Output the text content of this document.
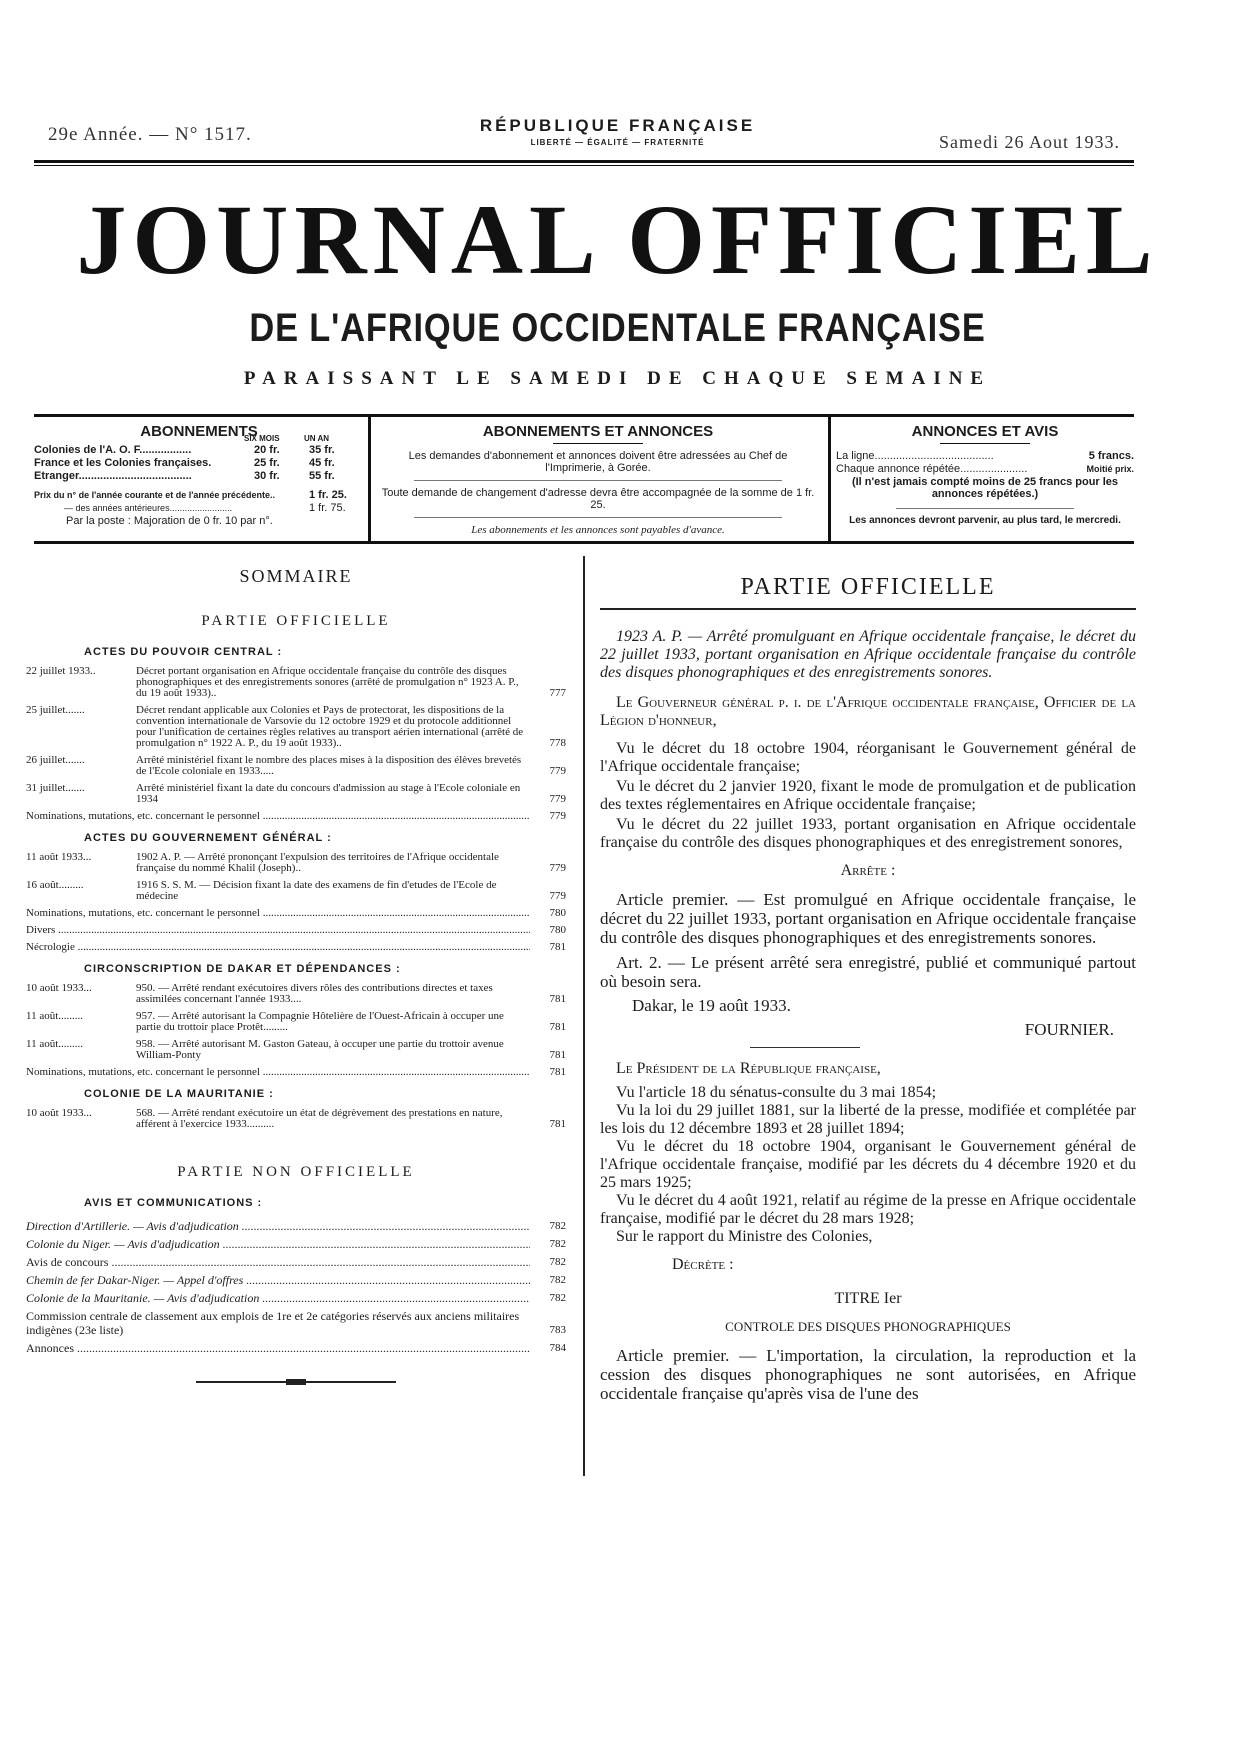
29e Année. — N° 1517.	RÉPUBLIQUE FRANÇAISE
LIBERTÉ — ÉGALITÉ — FRATERNITÉ	Samedi 26 Aout 1933.
JOURNAL OFFICIEL
DE L'AFRIQUE OCCIDENTALE FRANÇAISE
PARAISSANT LE SAMEDI DE CHAQUE SEMAINE
ABONNEMENTS
SIX MOIS	UN AN
Colonies de l'A. O. F.................	20 fr.	35 fr.
France et les Colonies françaises.	25 fr.	45 fr.
Etranger.....................................	30 fr.	55 fr.
Prix du n° de l'année courante et de l'année précédente..	1 fr. 25.
— des années antérieures.........................	1 fr. 75.
Par la poste : Majoration de 0 fr. 10 par n°.
ABONNEMENTS ET ANNONCES
Les demandes d'abonnement et annonces doivent être adressées au Chef de l'Imprimerie, à Gorée.
Toute demande de changement d'adresse devra être accompagnée de la somme de 1 fr. 25.
Les abonnements et les annonces sont payables d'avance.
ANNONCES ET AVIS
La ligne.......................................	5 francs.
Chaque annonce répétée......................	Moitié prix.
(Il n'est jamais compté moins de 25 francs pour les annonces répétées.)
Les annonces devront parvenir, au plus tard, le mercredi.
SOMMAIRE
PARTIE OFFICIELLE
ACTES DU POUVOIR CENTRAL :
22 juillet 1933..	Décret portant organisation en Afrique occidentale française du contrôle des disques phonographiques et des enregistrements sonores (arrêté de promulgation n° 1923 A. P., du 19 août 1933)..	777
25 juillet.......	Décret rendant applicable aux Colonies et Pays de protectorat, les dispositions de la convention internationale de Varsovie du 12 octobre 1929 et du protocole additionnel pour l'unification de certaines règles relatives au transport aérien international (arrêté de promulgation n° 1922 A. P., du 19 août 1933)..	778
26 juillet.......	Arrêté ministériel fixant le nombre des places mises à la disposition des élèves brevetés de l'Ecole coloniale en 1933.....	779
31 juillet.......	Arrêté ministériel fixant la date du concours d'admission au stage à l'Ecole coloniale en 1934	779
Nominations, mutations, etc. concernant le personnel .....	779
ACTES DU GOUVERNEMENT GÉNÉRAL :
11 août 1933...	1902 A. P. — Arrêté prononçant l'expulsion des territoires de l'Afrique occidentale française du nommé Khalil (Joseph)..	779
16 août.........	1916 S. S. M. — Décision fixant la date des examens de fin d'etudes de l'Ecole de médecine	779
Nominations, mutations, etc. concernant le personnel .....	780
Divers .....	780
Nécrologie .....	781
CIRCONSCRIPTION DE DAKAR ET DÉPENDANCES :
10 août 1933...	950. — Arrêté rendant exécutoires divers rôles des contributions directes et taxes assimilées concernant l'année 1933....	781
11 août.........	957. — Arrêté autorisant la Compagnie Hôtelière de l'Ouest-Africain à occuper une partie du trottoir place Protêt.........	781
11 août.........	958. — Arrêté autorisant M. Gaston Gateau, à occuper une partie du trottoir avenue William-Ponty	781
Nominations, mutations, etc. concernant le personnel .....	781
COLONIE DE LA MAURITANIE :
10 août 1933...	568. — Arrêté rendant exécutoire un état de dégrèvement des prestations en nature, afférent à l'exercice 1933..........	781
PARTIE NON OFFICIELLE
AVIS ET COMMUNICATIONS :
Direction d'Artillerie. — Avis d'adjudication .....	782
Colonie du Niger. — Avis d'adjudication .....	782
Avis de concours .....	782
Chemin de fer Dakar-Niger. — Appel d'offres .....	782
Colonie de la Mauritanie. — Avis d'adjudication .....	782
Commission centrale de classement aux emplois de 1re et 2e catégories réservés aux anciens militaires indigènes (23e liste)	783
Annonces .....	784
PARTIE OFFICIELLE

1923 A. P. — Arrêté promulguant en Afrique occidentale française, le décret du 22 juillet 1933, portant organisation en Afrique occidentale française du contrôle des disques phonographiques et des enregistrements sonores.

Le Gouverneur général p. i. de l'Afrique occidentale française, Officier de la Légion d'honneur,

Vu le décret du 18 octobre 1904, réorganisant le Gouvernement général de l'Afrique occidentale française;

Vu le décret du 2 janvier 1920, fixant le mode de promulgation et de publication des textes réglementaires en Afrique occidentale française;

Vu le décret du 22 juillet 1933, portant organisation en Afrique occidentale française du contrôle des disques phonographiques et des enregistrement sonores,

Arrête :

Article premier. — Est promulgué en Afrique occidentale française, le décret du 22 juillet 1933, portant organisation en Afrique occidentale française du contrôle des disques phonographiques et des enregistrements sonores.

Art. 2. — Le présent arrêté sera enregistré, publié et communiqué partout où besoin sera.

Dakar, le 19 août 1933.

FOURNIER.

Le Président de la République française,

Vu l'article 18 du sénatus-consulte du 3 mai 1854;

Vu la loi du 29 juillet 1881, sur la liberté de la presse, modifiée et complétée par les lois du 12 décembre 1893 et 28 juillet 1894;

Vu le décret du 18 octobre 1904, organisant le Gouvernement général de l'Afrique occidentale française, modifié par les décrets du 4 décembre 1920 et du 25 mars 1925;

Vu le décret du 4 août 1921, relatif au régime de la presse en Afrique occidentale française, modifié par le décret du 28 mars 1928;

Sur le rapport du Ministre des Colonies,

Décrète :

TITRE Ier

CONTROLE DES DISQUES PHONOGRAPHIQUES

Article premier. — L'importation, la circulation, la reproduction et la cession des disques phonographiques ne sont autorisées, en Afrique occidentale française qu'après visa de l'une des
